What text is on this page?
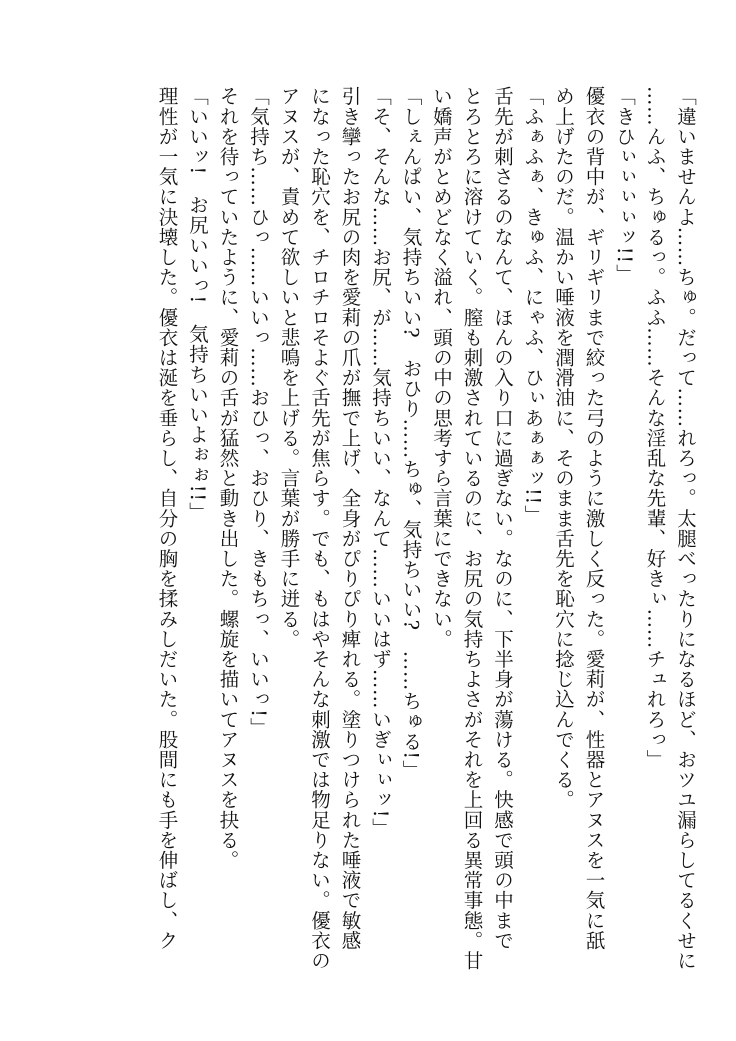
「違いませんよ……ちゅ。だって……れろっ。太腿べったりになるほど、おツユ漏らしてるくせに
……んふ、ちゅるっ。ふふ……そんな淫乱な先輩、好きぃ……チュれろっ」
「きひぃぃぃぃッ!!」
優衣の背中が、ギリギリまで絞った弓のように激しく反った。愛莉が、性器とアヌスを一気に舐
め上げたのだ。温かい唾液を潤滑油に、そのまま舌先を恥穴に捻じ込んでくる。
「ふぁふぁ、きゅふ、にゃふ、ひぃあぁぁッ!!」
舌先が刺さるのなんて、ほんの入り口に過ぎない。なのに、下半身が蕩ける。快感で頭の中まで
とろとろに溶けていく。膣も刺激されているのに、お尻の気持ちよさがそれを上回る異常事態。甘
い嬌声がとめどなく溢れ、頭の中の思考すら言葉にできない。
「しぇんぱい、気持ちいい?　おひり……ちゅ、気持ちいい?　……ちゅる!」
「そ、そんな……お尻、が……気持ちいい、なんて……いいはず……いぎぃぃッ!」
引き攣ったお尻の肉を愛莉の爪が撫で上げ、全身がぴりぴり痺れる。塗りつけられた唾液で敏感
になった恥穴を、チロチロそよぐ舌先が焦らす。でも、もはやそんな刺激では物足りない。優衣の
アヌスが、責めて欲しいと悲鳴を上げる。言葉が勝手に迸る。
「気持ち……ひっ……いいっ……おひっ、おひり、きもちっ、いいっ!」
それを待っていたように、愛莉の舌が猛然と動き出した。螺旋を描いてアヌスを抉る。
「いいッ!　お尻いいっ!　気持ちいいよぉぉ!!」
理性が一気に決壊した。優衣は涎を垂らし、自分の胸を揉みしだいた。股間にも手を伸ばし、ク
